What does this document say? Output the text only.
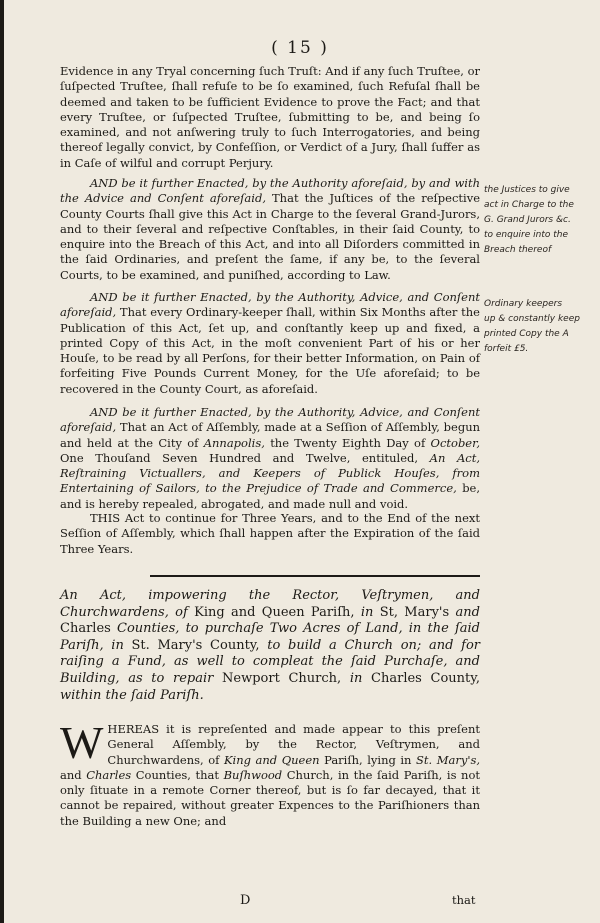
( 15 )

Evidence in any Tryal concerning ſuch Truſt: And if any ſuch Truſtee, or ſuſpected Truſtee, ſhall refuſe to be ſo examined, ſuch Refuſal ſhall be deemed and taken to be ſufficient Evidence to prove the Fact; and that every Truſtee, or ſuſpected Truſtee, ſubmitting to be, and being ſo examined, and not anſwering truly to ſuch Interrogatories, and being thereof legally convict, by Confeſſion, or Verdict of a Jury, ſhall ſuffer as in Caſe of wilful and corrupt Perjury.

AND be it further Enacted, by the Authority aforeſaid, by and with the Advice and Conſent aforeſaid, That the Juſtices of the reſpective County Courts ſhall give this Act in Charge to the ſeveral Grand-Jurors, and to their ſeveral and reſpective Conſtables, in their ſaid County, to enquire into the Breach of this Act, and into all Diſorders committed in the ſaid Ordinaries, and preſent the ſame, if any be, to the ſeveral Courts, to be examined, and puniſhed, according to Law.

AND be it further Enacted, by the Authority, Advice, and Conſent aforeſaid, That every Ordinary-keeper ſhall, within Six Months after the Publication of this Act, ſet up, and conſtantly keep up and fixed, a printed Copy of this Act, in the moſt convenient Part of his or her Houſe, to be read by all Perſons, for their better Information, on Pain of forfeiting Five Pounds Current Money, for the Uſe aforeſaid; to be recovered in the County Court, as aforeſaid.

AND be it further Enacted, by the Authority, Advice, and Conſent aforeſaid, That an Act of Aſſembly, made at a Seſſion of Aſſembly, begun and held at the City of Annapolis, the Twenty Eighth Day of October, One Thouſand Seven Hundred and Twelve, entituled, An Act, Reſtraining Victuallers, and Keepers of Publick Houſes, from Entertaining of Sailors, to the Prejudice of Trade and Commerce, be, and is hereby repealed, abrogated, and made null and void.

THIS Act to continue for Three Years, and to the End of the next Seſſion of Aſſembly, which ſhall happen after the Expiration of the ſaid Three Years.

An Act, impowering the Rector, Veſtrymen, and Churchwardens, of King and Queen Pariſh, in St, Mary's and Charles Counties, to purchaſe Two Acres of Land, in the ſaid Pariſh, in St. Mary's County, to build a Church on; and for raiſing a Fund, as well to compleat the ſaid Purchaſe, and Building, as to repair Newport Church, in Charles County, within the ſaid Pariſh.

W HEREAS it is repreſented and made appear to this preſent General Aſſembly, by the Rector, Veſtrymen, and Churchwardens, of King and Queen Pariſh, lying in St. Mary's, and Charles Counties, that Buſhwood Church, in the ſaid Pariſh, is not only ſituate in a remote Corner thereof, but is ſo far decayed, that it cannot be repaired, without greater Expences to the Pariſhioners than the Building a new One; and

D	that
the Justices to give
act in Charge to the
G. Grand Jurors &c.
to enquire into the
Breach thereof
Ordinary keepers
up & constantly keep
printed Copy the A
forfeit £5.
